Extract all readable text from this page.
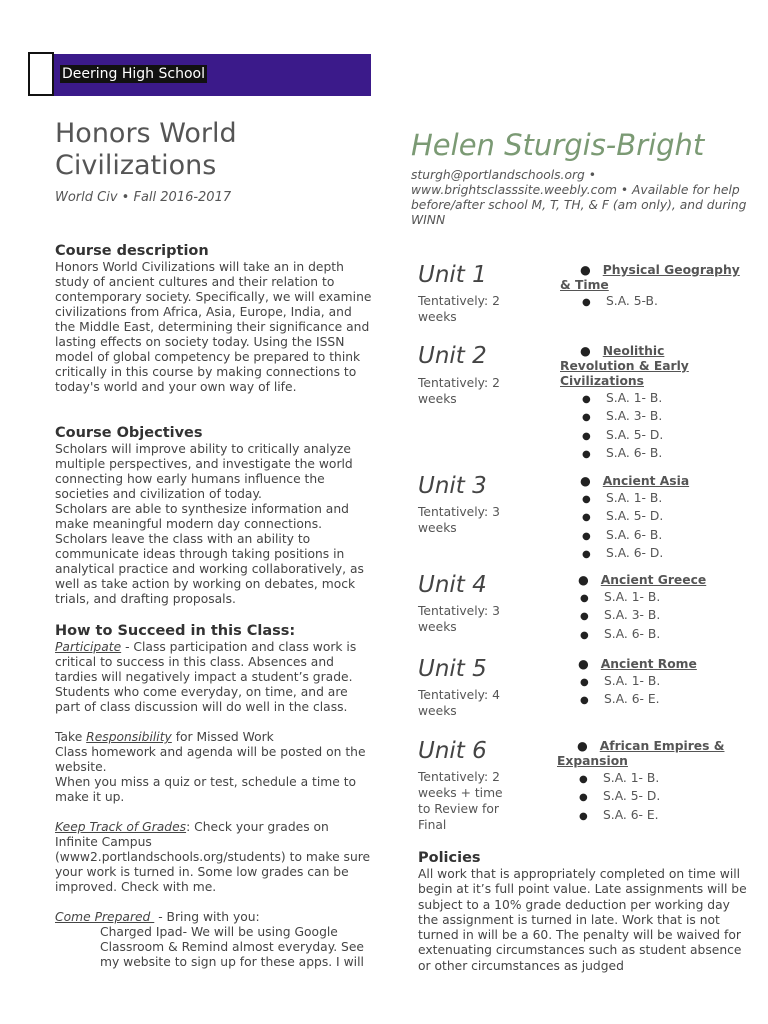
Deering High School
Honors World Civilizations
World Civ • Fall 2016-2017
Course description
Honors World Civilizations will take an in depth study of ancient cultures and their relation to contemporary society. Specifically, we will examine civilizations from Africa, Asia, Europe, India, and the Middle East, determining their significance and lasting effects on society today. Using the ISSN model of global competency be prepared to think critically in this course by making connections to today's world and your own way of life.
Course Objectives
Scholars will improve ability to critically analyze multiple perspectives, and investigate the world connecting how early humans influence the societies and civilization of today.
Scholars are able to synthesize information and make meaningful modern day connections.
Scholars leave the class with an ability to communicate ideas through taking positions in analytical practice and working collaboratively, as well as take action by working on debates, mock trials, and drafting proposals.
How to Succeed in this Class:
Participate - Class participation and class work is critical to success in this class. Absences and tardies will negatively impact a student’s grade. Students who come everyday, on time, and are part of class discussion will do well in the class.
Take Responsibility for Missed Work
Class homework and agenda will be posted on the website.
When you miss a quiz or test, schedule a time to make it up.
Keep Track of Grades: Check your grades on Infinite Campus (www2.portlandschools.org/students) to make sure your work is turned in. Some low grades can be improved. Check with me.
Come Prepared  - Bring with you:
Charged Ipad- We will be using Google Classroom & Remind almost everyday. See my website to sign up for these apps. I will
Helen Sturgis-Bright
sturgh@portlandschools.org • www.brightsclasssite.weebly.com • Available for help before/after school M, T, TH, & F (am only), and during WINN
Unit 1
Tentatively: 2 weeks
● Physical Geography & Time
● S.A. 5-B.
Unit 2
Tentatively: 2 weeks
● Neolithic Revolution & Early Civilizations
● S.A. 1- B.
● S.A. 3- B.
● S.A. 5- D.
● S.A. 6- B.
Unit 3
Tentatively: 3 weeks
● Ancient Asia
● S.A. 1- B.
● S.A. 5- D.
● S.A. 6- B.
● S.A. 6- D.
Unit 4
Tentatively: 3 weeks
● Ancient Greece
● S.A. 1- B.
● S.A. 3- B.
● S.A. 6- B.
Unit 5
Tentatively: 4 weeks
● Ancient Rome
● S.A. 1- B.
● S.A. 6- E.
Unit 6
Tentatively: 2 weeks + time to Review for Final
● African Empires & Expansion
● S.A. 1- B.
● S.A. 5- D.
● S.A. 6- E.
Policies
All work that is appropriately completed on time will begin at it’s full point value. Late assignments will be subject to a 10% grade deduction per working day the assignment is turned in late. Work that is not turned in will be a 60. The penalty will be waived for extenuating circumstances such as student absence or other circumstances as judged
